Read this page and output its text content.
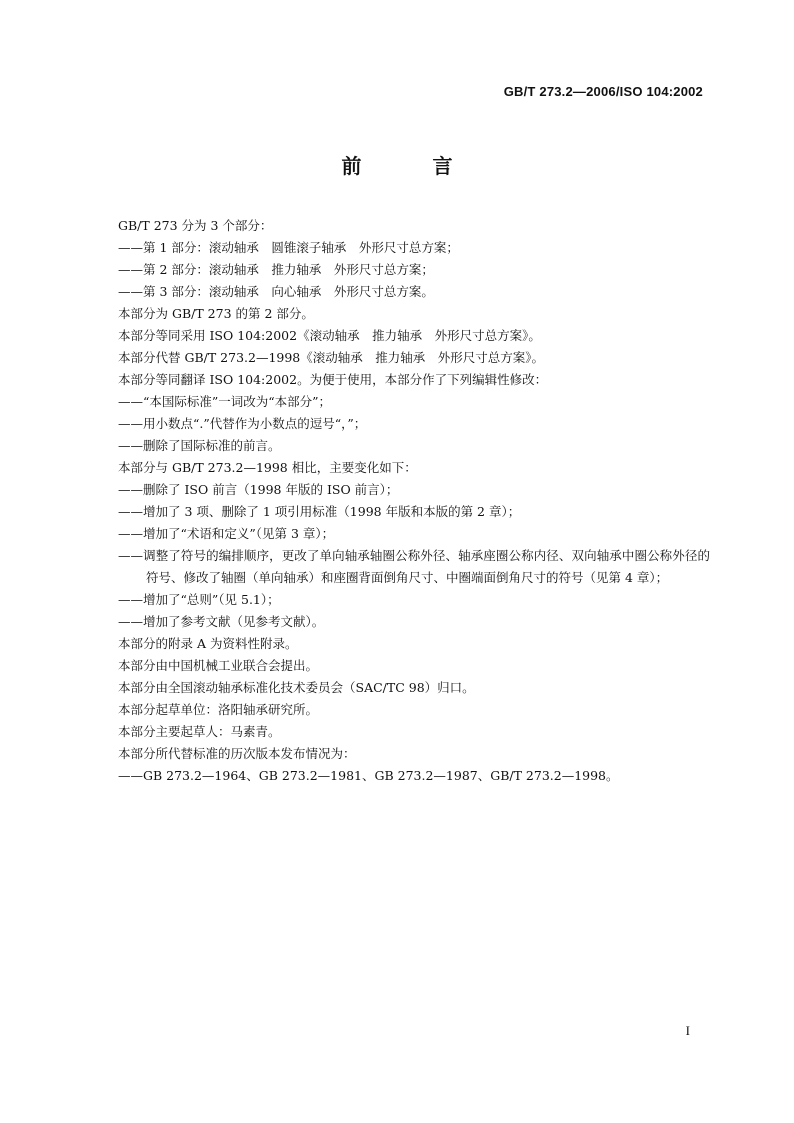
GB/T 273.2—2006/ISO 104:2002
前 言
GB/T 273 分为 3 个部分：
——第 1 部分：滚动轴承　圆锥滚子轴承　外形尺寸总方案；
——第 2 部分：滚动轴承　推力轴承　外形尺寸总方案；
——第 3 部分：滚动轴承　向心轴承　外形尺寸总方案。
本部分为 GB/T 273 的第 2 部分。
本部分等同采用 ISO 104:2002《滚动轴承　推力轴承　外形尺寸总方案》。
本部分代替 GB/T 273.2—1998《滚动轴承　推力轴承　外形尺寸总方案》。
本部分等同翻译 ISO 104:2002。为便于使用，本部分作了下列编辑性修改：
——“本国际标准”一词改为“本部分”；
——用小数点“.”代替作为小数点的逗号“，”；
——删除了国际标准的前言。
本部分与 GB/T 273.2—1998 相比，主要变化如下：
——删除了 ISO 前言（1998 年版的 ISO 前言）；
——增加了 3 项、删除了 1 项引用标准（1998 年版和本版的第 2 章）；
——增加了“术语和定义”（见第 3 章）；
——调整了符号的编排顺序，更改了单向轴承轴圈公称外径、轴承座圈公称内径、双向轴承中圈公称外径的符号、修改了轴圈（单向轴承）和座圈背面倒角尺寸、中圈端面倒角尺寸的符号（见第 4 章）；
——增加了“总则”（见 5.1）；
——增加了参考文献（见参考文献）。
本部分的附录 A 为资料性附录。
本部分由中国机械工业联合会提出。
本部分由全国滚动轴承标准化技术委员会（SAC/TC 98）归口。
本部分起草单位：洛阳轴承研究所。
本部分主要起草人：马素青。
本部分所代替标准的历次版本发布情况为：
——GB 273.2—1964、GB 273.2—1981、GB 273.2—1987、GB/T 273.2—1998。
I
